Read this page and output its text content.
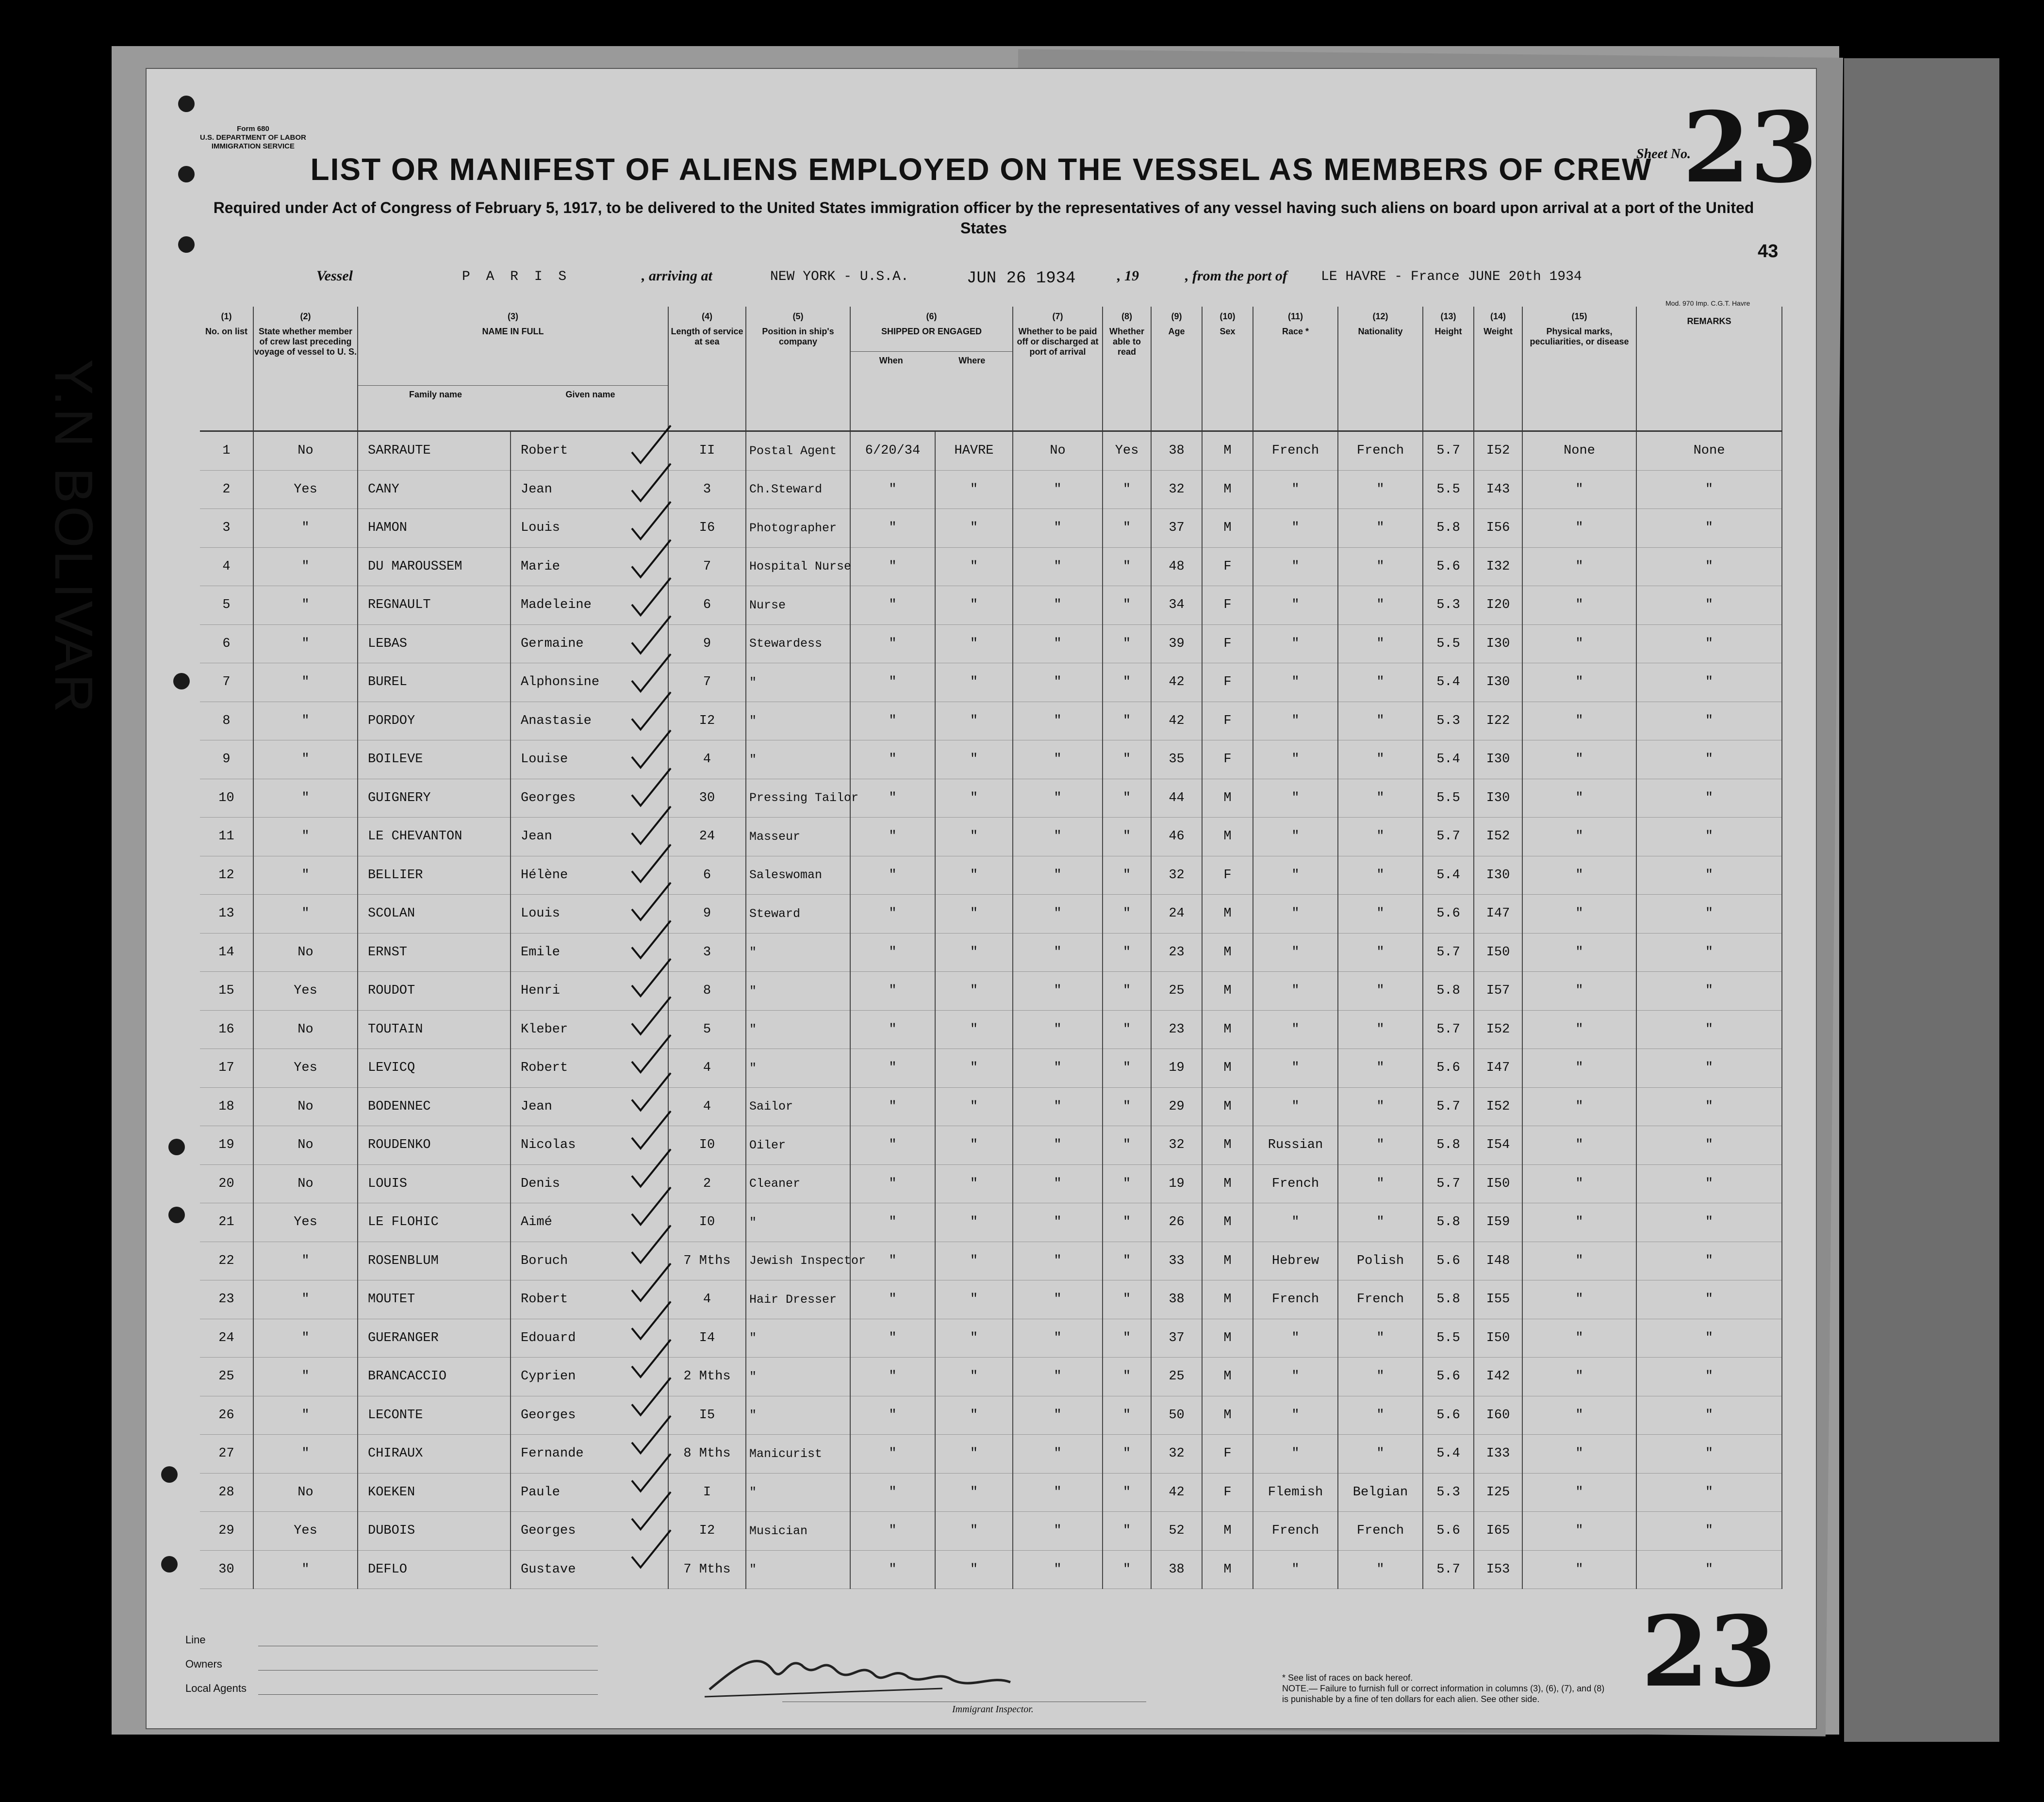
Y.N BOLIVAR
Form 680
U.S. DEPARTMENT OF LABOR
IMMIGRATION SERVICE	23
Sheet No.
LIST OR MANIFEST OF ALIENS EMPLOYED ON THE VESSEL AS MEMBERS OF CREW
Required under Act of Congress of February 5, 1917, to be delivered to the United States immigration officer by the representatives of any vessel having such aliens on board upon arrival at a port of the United States
43
Vessel	P A R I S	, arriving at	NEW YORK - U.S.A.	JUN 26 1934	, 19	, from the port of LE HAVRE - France JUNE 20th 1934
Mod. 970 Imp. C.G.T. Havre
(1)
No. on list	(2)
State whether member of crew last preceding voyage of vessel to U. S.	(3)
NAME IN FULL
Family name Given name		(4)
Length of service at sea	(5)
Position in ship's company	(6)
SHIPPED OR ENGAGED
When Where		(7)
Whether to be paid off or discharged at port of arrival	(8)
Whether able to read	(9)
Age	(10)
Sex	(11)
Race *	(12)
Nationality	(13)
Height	(14)
Weight	(15)
Physical marks, peculiarities, or disease	REMARKS
1	No	SARRAUTE	Robert	II	Postal Agent	6/20/34	HAVRE	No	Yes	38	M	French	French	5.7	I52	None	None
2	Yes	CANY	Jean	3	Ch.Steward	"	"	"	"	32	M	"	"	5.5	I43	"	"
3	"	HAMON	Louis	I6	Photographer	"	"	"	"	37	M	"	"	5.8	I56	"	"
4	"	DU MAROUSSEM	Marie	7	Hospital Nurse	"	"	"	"	48	F	"	"	5.6	I32	"	"
5	"	REGNAULT	Madeleine	6	Nurse	"	"	"	"	34	F	"	"	5.3	I20	"	"
6	"	LEBAS	Germaine	9	Stewardess	"	"	"	"	39	F	"	"	5.5	I30	"	"
7	"	BUREL	Alphonsine	7	"	"	"	"	"	42	F	"	"	5.4	I30	"	"
8	"	PORDOY	Anastasie	I2	"	"	"	"	"	42	F	"	"	5.3	I22	"	"
9	"	BOILEVE	Louise	4	"	"	"	"	"	35	F	"	"	5.4	I30	"	"
10	"	GUIGNERY	Georges	30	Pressing Tailor	"	"	"	"	44	M	"	"	5.5	I30	"	"
11	"	LE CHEVANTON	Jean	24	Masseur	"	"	"	"	46	M	"	"	5.7	I52	"	"
12	"	BELLIER	Hélène	6	Saleswoman	"	"	"	"	32	F	"	"	5.4	I30	"	"
13	"	SCOLAN	Louis	9	Steward	"	"	"	"	24	M	"	"	5.6	I47	"	"
14	No	ERNST	Emile	3	"	"	"	"	"	23	M	"	"	5.7	I50	"	"
15	Yes	ROUDOT	Henri	8	"	"	"	"	"	25	M	"	"	5.8	I57	"	"
16	No	TOUTAIN	Kleber	5	"	"	"	"	"	23	M	"	"	5.7	I52	"	"
17	Yes	LEVICQ	Robert	4	"	"	"	"	"	19	M	"	"	5.6	I47	"	"
18	No	BODENNEC	Jean	4	Sailor	"	"	"	"	29	M	"	"	5.7	I52	"	"
19	No	ROUDENKO	Nicolas	I0	Oiler	"	"	"	"	32	M	Russian	"	5.8	I54	"	"
20	No	LOUIS	Denis	2	Cleaner	"	"	"	"	19	M	French	"	5.7	I50	"	"
21	Yes	LE FLOHIC	Aimé	I0	"	"	"	"	"	26	M	"	"	5.8	I59	"	"
22	"	ROSENBLUM	Boruch	7 Mths	Jewish Inspector	"	"	"	"	33	M	Hebrew	Polish	5.6	I48	"	"
23	"	MOUTET	Robert	4	Hair Dresser	"	"	"	"	38	M	French	French	5.8	I55	"	"
24	"	GUERANGER	Edouard	I4	"	"	"	"	"	37	M	"	"	5.5	I50	"	"
25	"	BRANCACCIO	Cyprien	2 Mths	"	"	"	"	"	25	M	"	"	5.6	I42	"	"
26	"	LECONTE	Georges	I5	"	"	"	"	"	50	M	"	"	5.6	I60	"	"
27	"	CHIRAUX	Fernande	8 Mths	Manicurist	"	"	"	"	32	F	"	"	5.4	I33	"	"
28	No	KOEKEN	Paule	I	"	"	"	"	"	42	F	Flemish	Belgian	5.3	I25	"	"
29	Yes	DUBOIS	Georges	I2	Musician	"	"	"	"	52	M	French	French	5.6	I65	"	"
30	"	DEFLO	Gustave	7 Mths	"	"	"	"	"	38	M	"	"	5.7	I53	"	"
Line
Owners
Local Agents
Immigrant Inspector.
23
* See list of races on back hereof.
NOTE.— Failure to furnish full or correct information in columns (3), (6), (7), and (8)
is punishable by a fine of ten dollars for each alien. See other side.
